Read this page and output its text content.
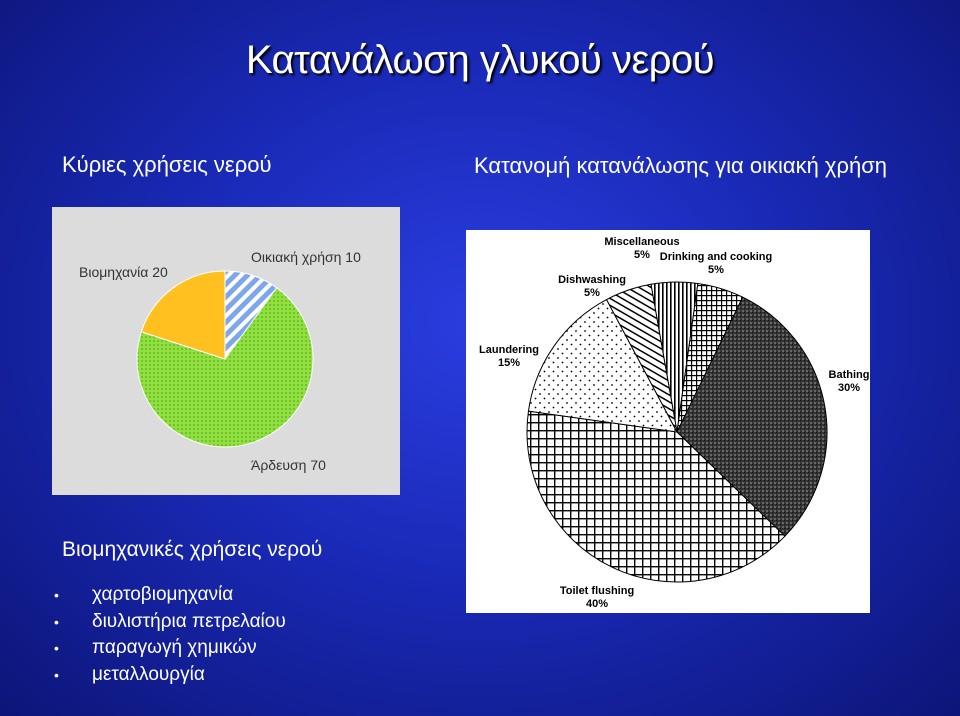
Κατανάλωση γλυκού νερού
Κύριες χρήσεις νερού	Κατανομή κατανάλωσης για οικιακή χρήση
Βιομηχανία 20
Οικιακή χρήση 10
Άρδευση 70
Miscellaneous
5% Drinking and cooking
5%
Dishwashing
5%
Laundering
15%
Bathing
30%
Toilet flushing
40%
Βιομηχανικές χρήσεις νερού
• χαρτοβιομηχανία
• διυλιστήρια πετρελαίου
• παραγωγή χημικών
• μεταλλουργία
